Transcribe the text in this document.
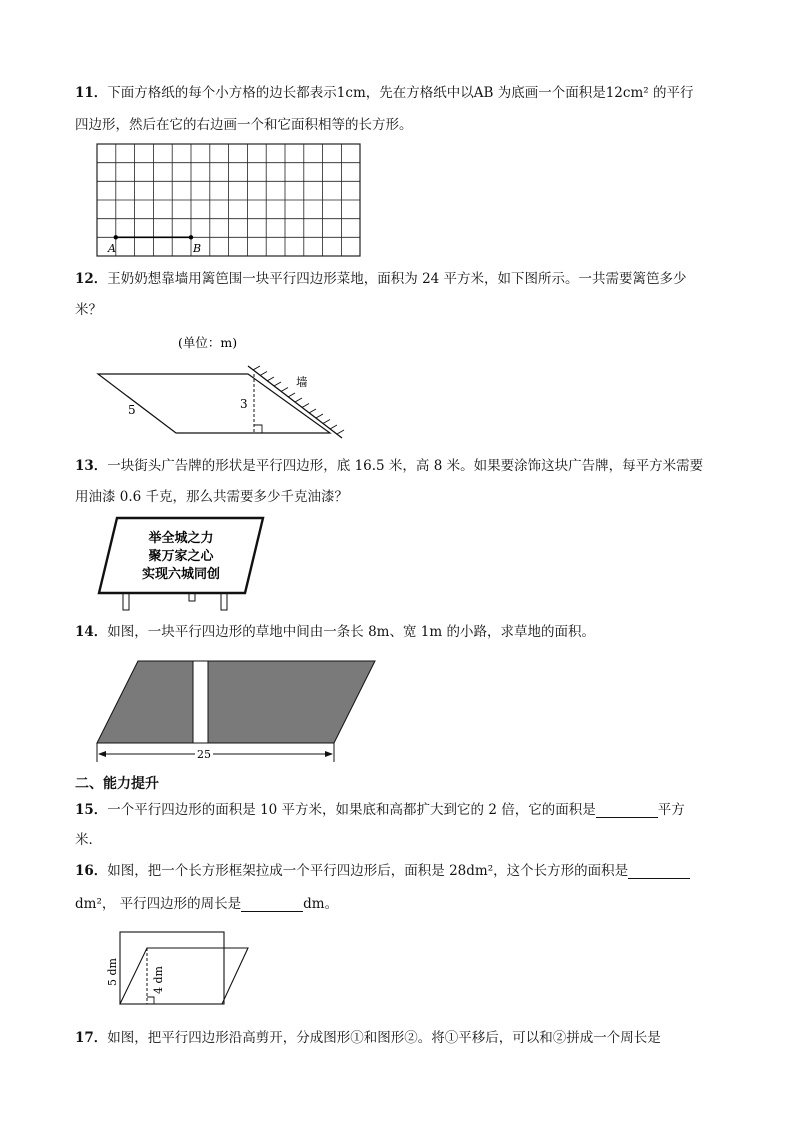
11．下面方格纸的每个小方格的边长都表示1cm，先在方格纸中以AB 为底画一个面积是12cm² 的平行
四边形，然后在它的右边画一个和它面积相等的长方形。
A	B
12．王奶奶想靠墙用篱笆围一块平行四边形菜地，面积为 24 平方米，如下图所示。一共需要篱笆多少
米？
(单位：m)
3
5
墙
13．一块街头广告牌的形状是平行四边形，底 16.5 米，高 8 米。如果要涂饰这块广告牌，每平方米需要
用油漆 0.6 千克，那么共需要多少千克油漆？
举全城之力
聚万家之心
实现六城同创
14．如图，一块平行四边形的草地中间由一条长 8m、宽 1m 的小路，求草地的面积。
25
二、能力提升
15．一个平行四边形的面积是 10 平方米，如果底和高都扩大到它的 2 倍，它的面积是	平方
米．
16．如图，把一个长方形框架拉成一个平行四边形后，面积是 28dm²，这个长方形的面积是
dm²， 平行四边形的周长是	dm。
5 dm	4 dm
17．如图，把平行四边形沿高剪开，分成图形①和图形②。将①平移后，可以和②拼成一个周长是
